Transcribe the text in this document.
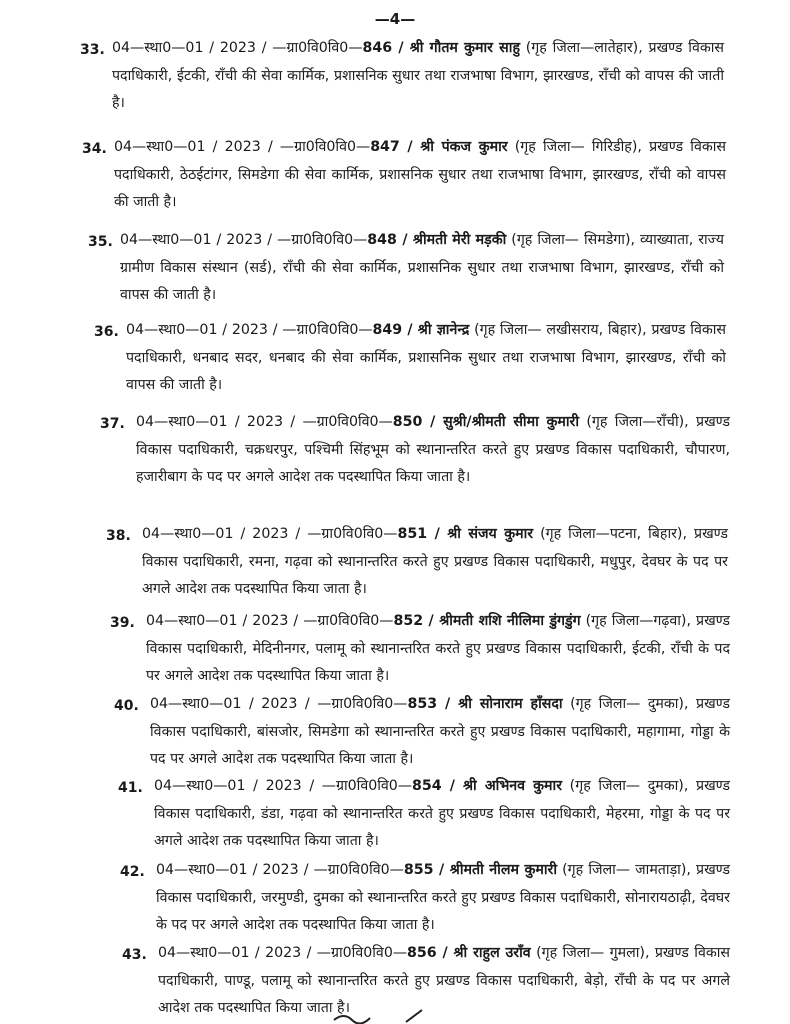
—4—
33. 04—स्था0—01 / 2023 / —ग्रा0वि0वि0—846 / श्री गौतम कुमार साहु (गृह जिला—लातेहार), प्रखण्ड विकास पदाधिकारी, ईटकी, राँची की सेवा कार्मिक, प्रशासनिक सुधार तथा राजभाषा विभाग, झारखण्ड, राँची को वापस की जाती है।
34. 04—स्था0—01 / 2023 / —ग्रा0वि0वि0—847 / श्री पंकज कुमार (गृह जिला— गिरिडीह), प्रखण्ड विकास पदाधिकारी, ठेठईटांगर, सिमडेगा की सेवा कार्मिक, प्रशासनिक सुधार तथा राजभाषा विभाग, झारखण्ड, राँची को वापस की जाती है।
35. 04—स्था0—01 / 2023 / —ग्रा0वि0वि0—848 / श्रीमती मेरी मड़की (गृह जिला— सिमडेगा), व्याख्याता, राज्य ग्रामीण विकास संस्थान (सर्ड), राँची की सेवा कार्मिक, प्रशासनिक सुधार तथा राजभाषा विभाग, झारखण्ड, राँची को वापस की जाती है।
36. 04—स्था0—01 / 2023 / —ग्रा0वि0वि0—849 / श्री ज्ञानेन्द्र (गृह जिला— लखीसराय, बिहार), प्रखण्ड विकास पदाधिकारी, धनबाद सदर, धनबाद की सेवा कार्मिक, प्रशासनिक सुधार तथा राजभाषा विभाग, झारखण्ड, राँची को वापस की जाती है।
37. 04—स्था0—01 / 2023 / —ग्रा0वि0वि0—850 / सुश्री/श्रीमती सीमा कुमारी (गृह जिला—राँची), प्रखण्ड विकास पदाधिकारी, चक्रधरपुर, पश्चिमी सिंहभूम को स्थानान्तरित करते हुए प्रखण्ड विकास पदाधिकारी, चौपारण, हजारीबाग के पद पर अगले आदेश तक पदस्थापित किया जाता है।
38. 04—स्था0—01 / 2023 / —ग्रा0वि0वि0—851 / श्री संजय कुमार (गृह जिला—पटना, बिहार), प्रखण्ड विकास पदाधिकारी, रमना, गढ़वा को स्थानान्तरित करते हुए प्रखण्ड विकास पदाधिकारी, मधुपुर, देवघर के पद पर अगले आदेश तक पदस्थापित किया जाता है।
39. 04—स्था0—01 / 2023 / —ग्रा0वि0वि0—852 / श्रीमती शशि नीलिमा डुंगडुंग (गृह जिला—गढ़वा), प्रखण्ड विकास पदाधिकारी, मेदिनीनगर, पलामू को स्थानान्तरित करते हुए प्रखण्ड विकास पदाधिकारी, ईटकी, राँची के पद पर अगले आदेश तक पदस्थापित किया जाता है।
40. 04—स्था0—01 / 2023 / —ग्रा0वि0वि0—853 / श्री सोनाराम हाँसदा (गृह जिला— दुमका), प्रखण्ड विकास पदाधिकारी, बांसजोर, सिमडेगा को स्थानान्तरित करते हुए प्रखण्ड विकास पदाधिकारी, महागामा, गोड्डा के पद पर अगले आदेश तक पदस्थापित किया जाता है।
41. 04—स्था0—01 / 2023 / —ग्रा0वि0वि0—854 / श्री अभिनव कुमार (गृह जिला— दुमका), प्रखण्ड विकास पदाधिकारी, डंडा, गढ़वा को स्थानान्तरित करते हुए प्रखण्ड विकास पदाधिकारी, मेहरमा, गोड्डा के पद पर अगले आदेश तक पदस्थापित किया जाता है।
42. 04—स्था0—01 / 2023 / —ग्रा0वि0वि0—855 / श्रीमती नीलम कुमारी (गृह जिला— जामताड़ा), प्रखण्ड विकास पदाधिकारी, जरमुण्डी, दुमका को स्थानान्तरित करते हुए प्रखण्ड विकास पदाधिकारी, सोनारायठाढ़ी, देवघर के पद पर अगले आदेश तक पदस्थापित किया जाता है।
43. 04—स्था0—01 / 2023 / —ग्रा0वि0वि0—856 / श्री राहुल उराँव (गृह जिला— गुमला), प्रखण्ड विकास पदाधिकारी, पाण्डू, पलामू को स्थानान्तरित करते हुए प्रखण्ड विकास पदाधिकारी, बेड़ो, राँची के पद पर अगले आदेश तक पदस्थापित किया जाता है।
